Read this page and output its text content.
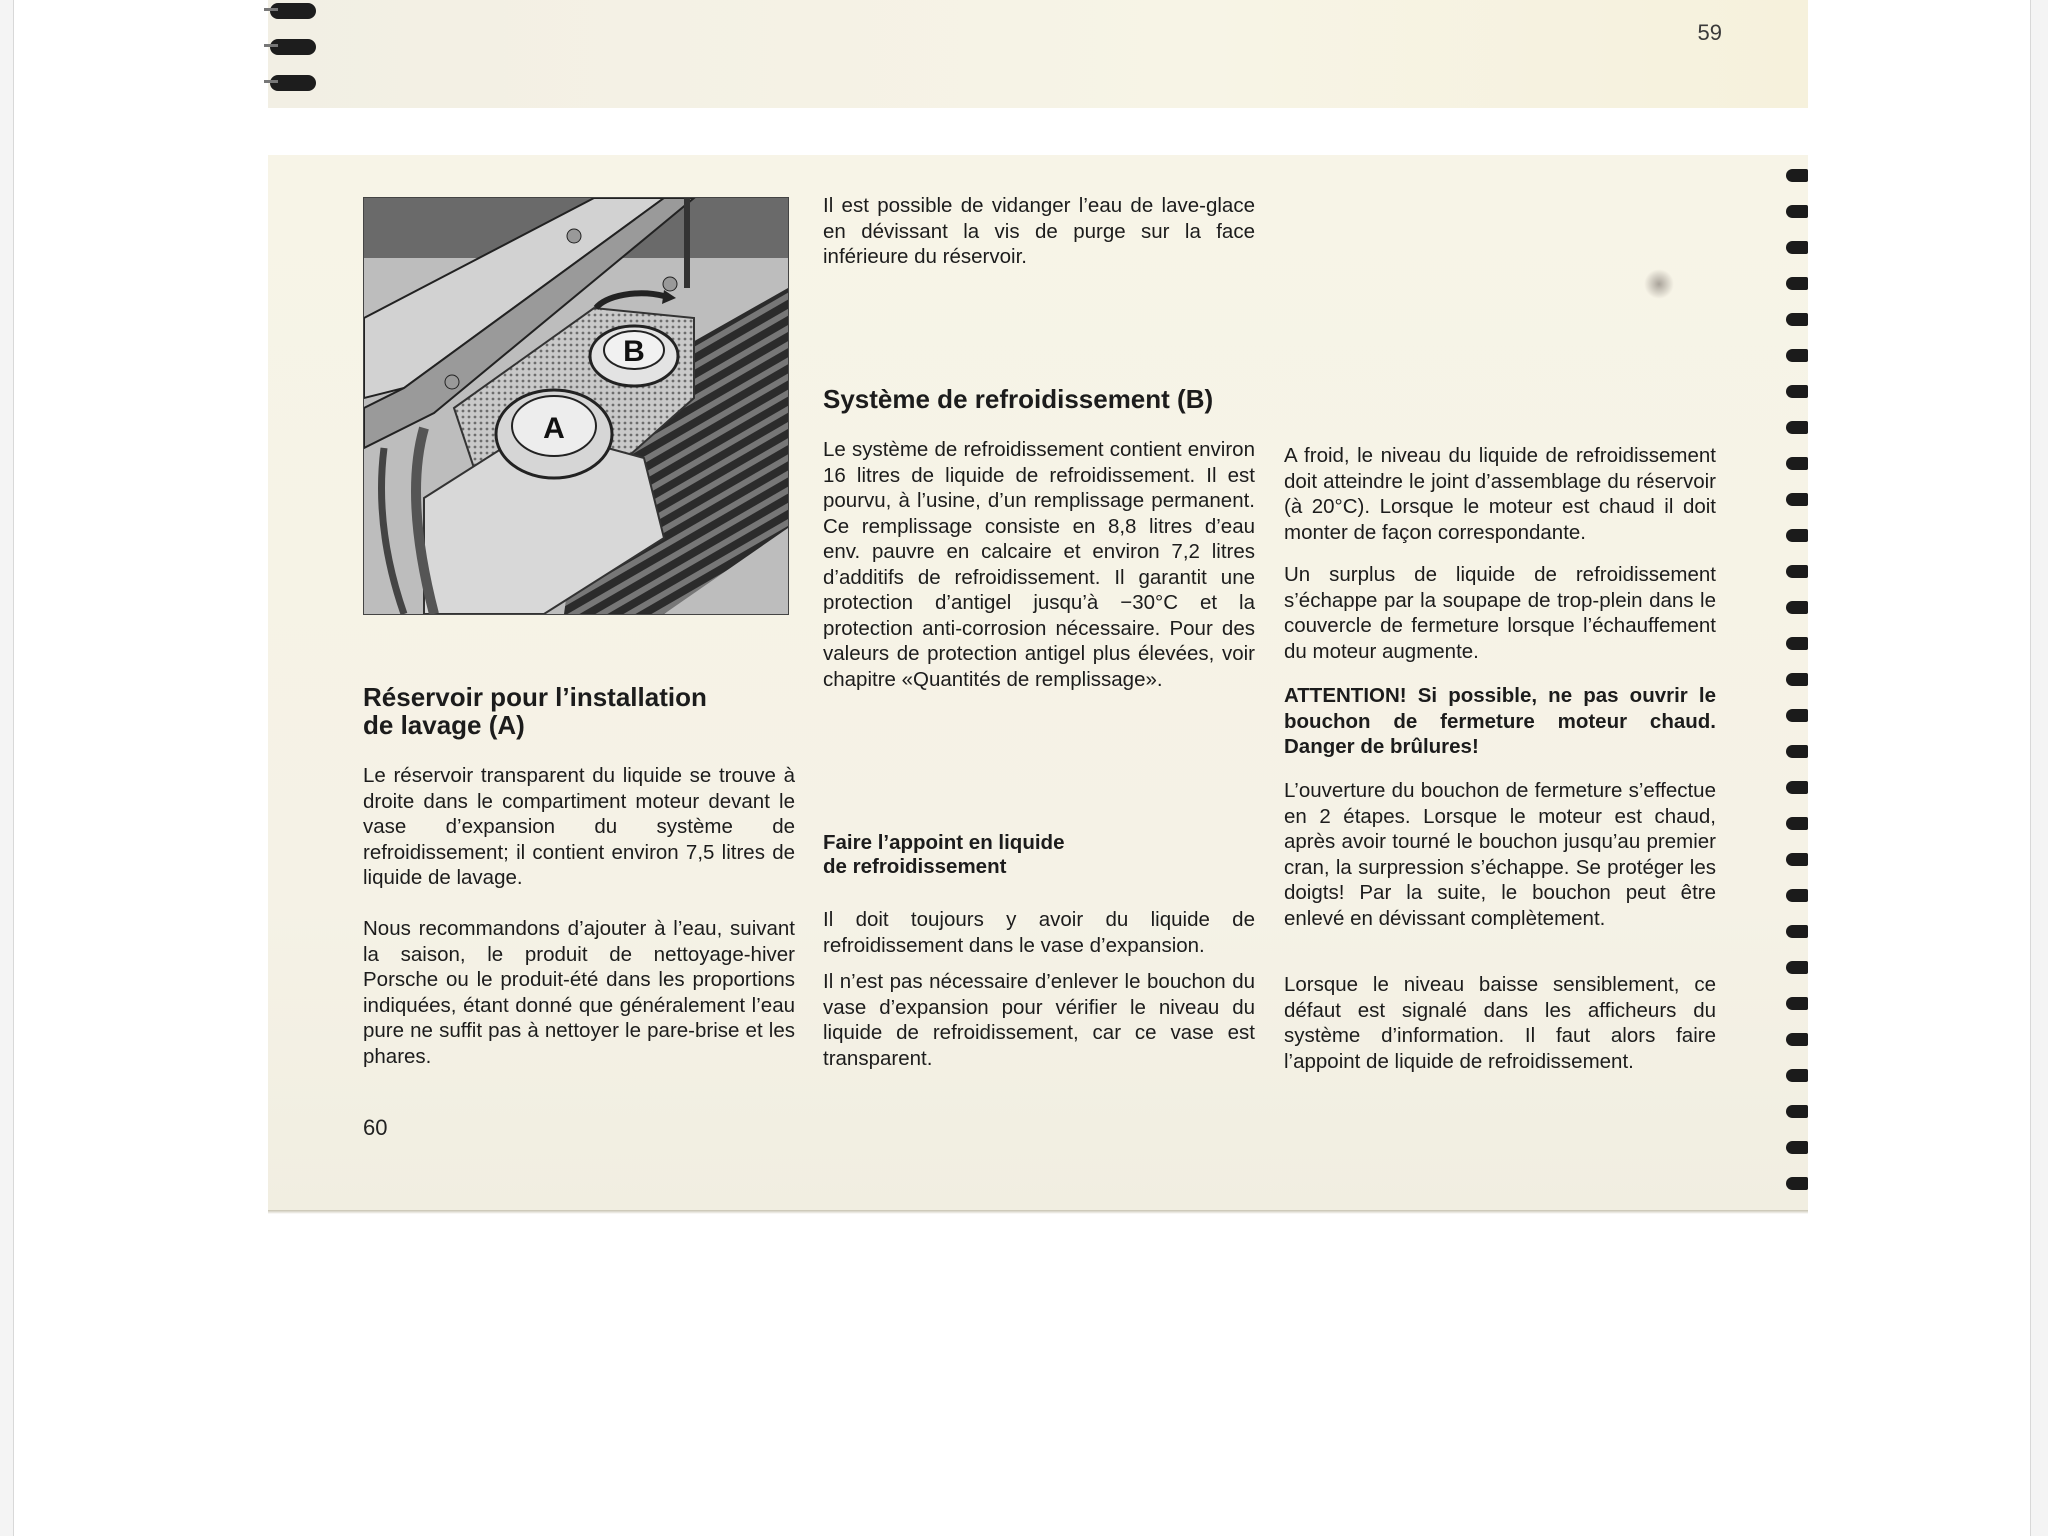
59
B
A

Réservoir pour l’installation

de lavage (A)

Le réservoir transparent du liquide se trouve à droite dans le compartiment moteur devant le vase d’expansion du système de refroidissement; il contient environ 7,5 litres de liquide de lavage.

Nous recommandons d’ajouter à l’eau, suivant la saison, le produit de nettoyage-hiver Porsche ou le produit-été dans les proportions indiquées, étant donné que généralement l’eau pure ne suffit pas à nettoyer le pare-brise et les phares.

Il est possible de vidanger l’eau de lave-glace en dévissant la vis de purge sur la face inférieure du réservoir.

Système de refroidissement (B)

Le système de refroidissement contient environ 16 litres de liquide de refroidissement. Il est pourvu, à l’usine, d’un remplissage permanent. Ce remplissage consiste en 8,8 litres d’eau env. pauvre en calcaire et environ 7,2 litres d’additifs de refroidissement. Il garantit une protection d’antigel jusqu’à −30°C et la protection anti-corrosion nécessaire. Pour des valeurs de protection antigel plus élevées, voir chapitre «Quantités de remplissage».

Faire l’appoint en liquide

de refroidissement

Il doit toujours y avoir du liquide de refroidissement dans le vase d’expansion.

Il n’est pas nécessaire d’enlever le bouchon du vase d’expansion pour vérifier le niveau du liquide de refroidissement, car ce vase est transparent.

A froid, le niveau du liquide de refroidissement doit atteindre le joint d’assemblage du réservoir (à 20°C). Lorsque le moteur est chaud il doit monter de façon correspondante.

Un surplus de liquide de refroidissement s’échappe par la soupape de trop-plein dans le couvercle de fermeture lorsque l’échauffement du moteur augmente.

ATTENTION! Si possible, ne pas ouvrir le bouchon de fermeture moteur chaud. Danger de brûlures!

L’ouverture du bouchon de fermeture s’effectue en 2 étapes. Lorsque le moteur est chaud, après avoir tourné le bouchon jusqu’au premier cran, la surpression s’échappe. Se protéger les doigts! Par la suite, le bouchon peut être enlevé en dévissant complètement.

Lorsque le niveau baisse sensiblement, ce défaut est signalé dans les afficheurs du système d’information. Il faut alors faire l’appoint de liquide de refroidissement.

60
